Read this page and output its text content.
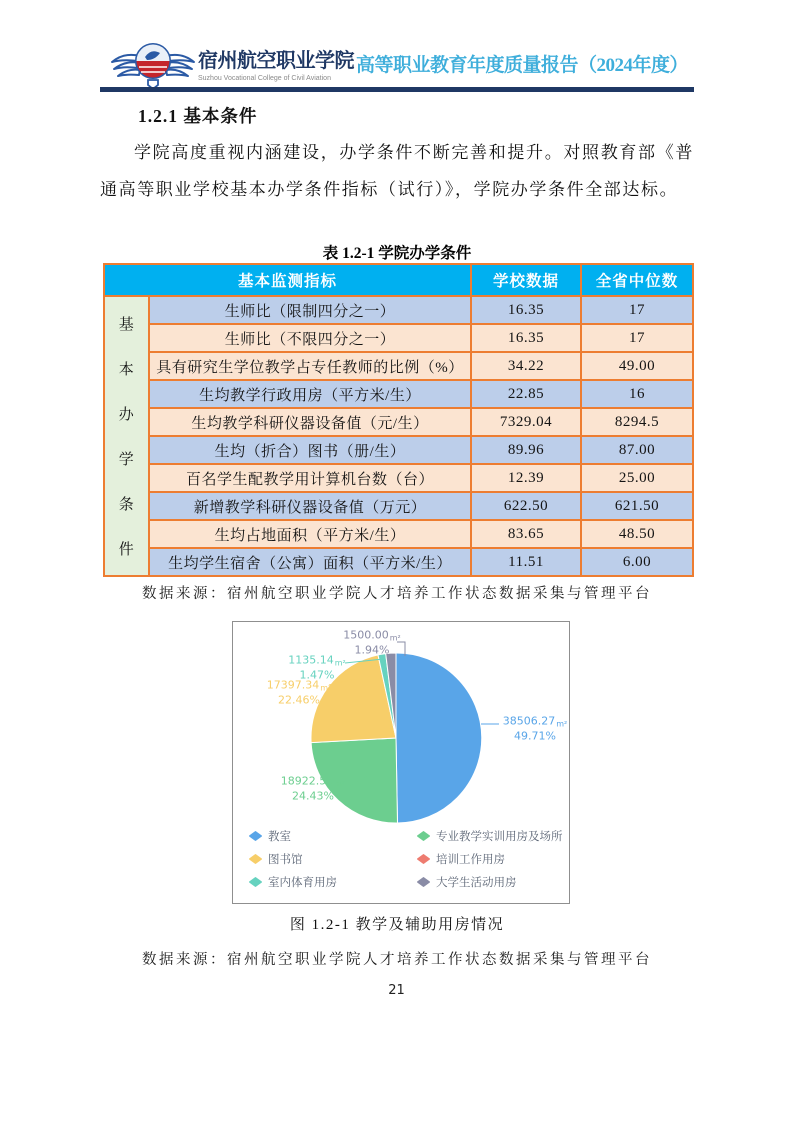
宿州航空职业学院
Suzhou Vocational College of Civil Aviation
高等职业教育年度质量报告（2024年度）
1.2.1 基本条件
学院高度重视内涵建设，办学条件不断完善和提升。对照教育部《普通高等职业学校基本办学条件指标（试行）》，学院办学条件全部达标。
表 1.2-1 学院办学条件
基本监测指标		学校数据	全省中位数

基
本
办
学
条
件
	生师比（限制四分之一）	16.35	17
	生师比（不限四分之一）	16.35	17
	具有研究生学位教学占专任教师的比例（%）	34.22	49.00
	生均教学行政用房（平方米/生）	22.85	16
	生均教学科研仪器设备值（元/生）	7329.04	8294.5
	生均（折合）图书（册/生）	89.96	87.00
	百名学生配教学用计算机台数（台）	12.39	25.00
	新增教学科研仪器设备值（万元）	622.50	621.50
	生均占地面积（平方米/生）	83.65	48.50
	生均学生宿舍（公寓）面积（平方米/生）	11.51	6.00
数据来源：宿州航空职业学院人才培养工作状态数据采集与管理平台
教室	专业教学实训用房及场所
图书馆	培训工作用房
室内体育用房	大学生活动用房
38506.27m²
49.71%
18922.55m²
24.43%
17397.34m²
22.46%
1135.14m²
1.47%
1500.00m²
1.94%
图 1.2-1 教学及辅助用房情况
数据来源：宿州航空职业学院人才培养工作状态数据采集与管理平台
21
